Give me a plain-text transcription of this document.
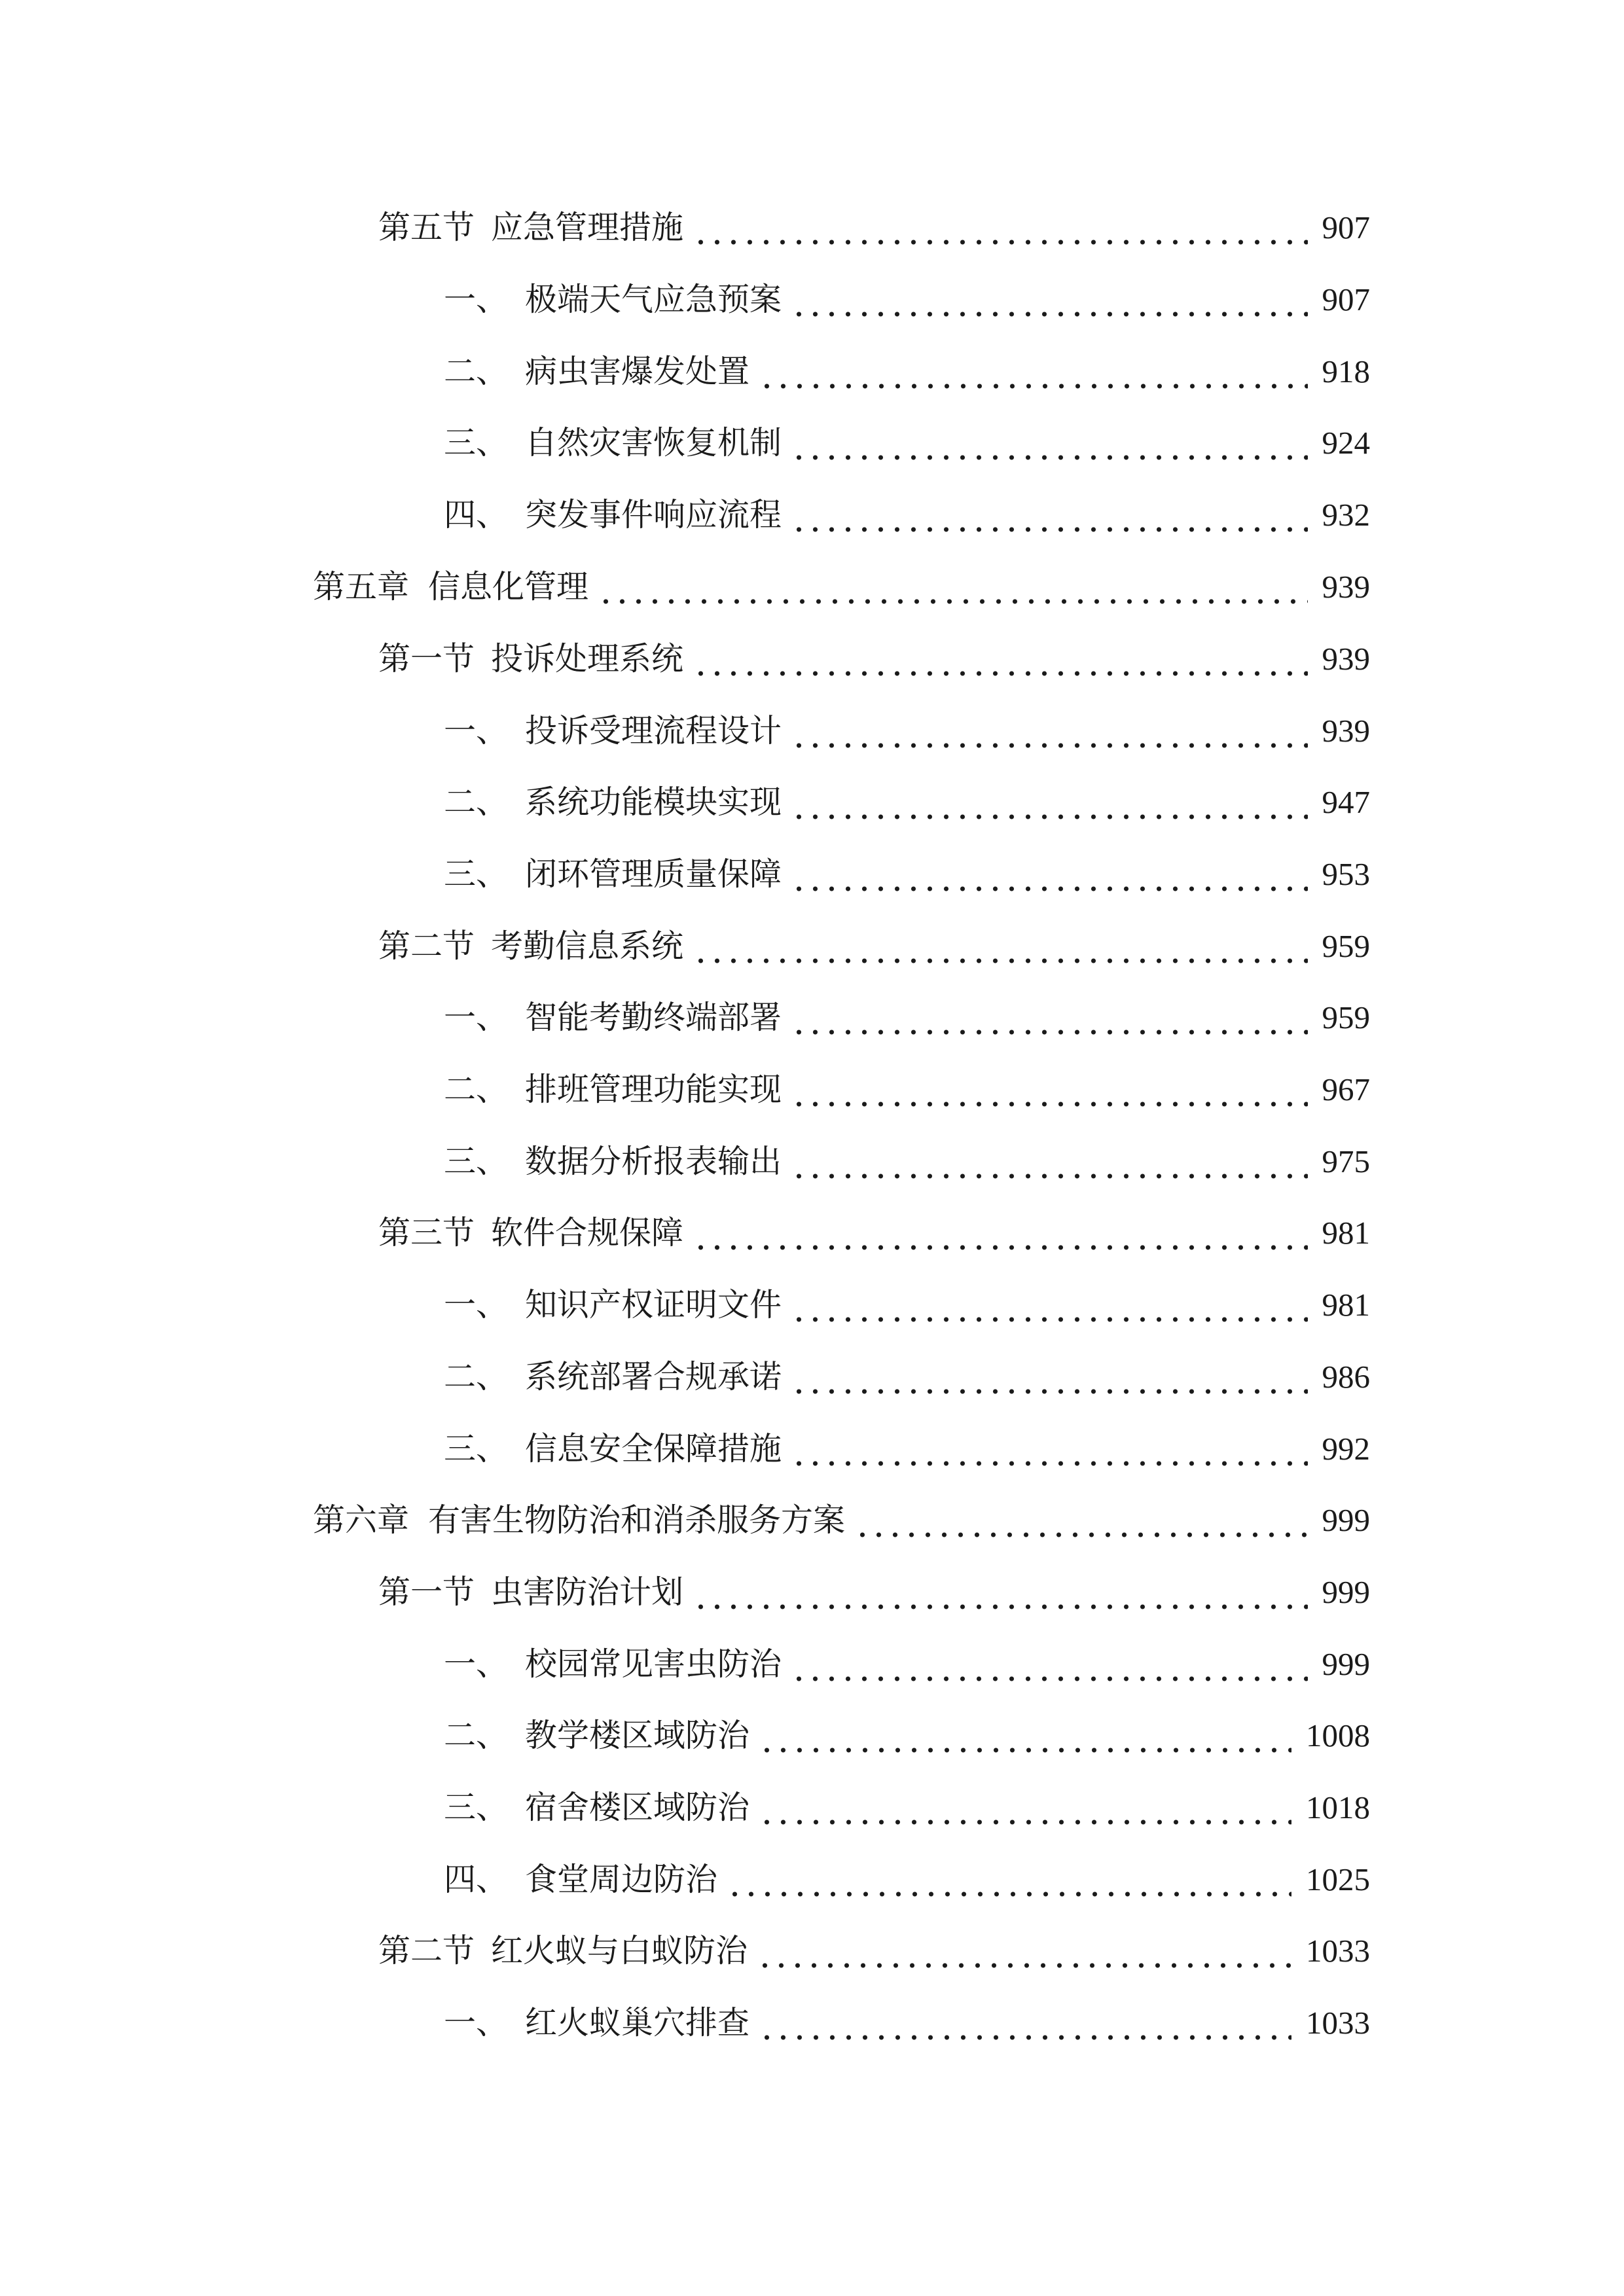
第五节 应急管理措施	907
一、 极端天气应急预案	907
二、 病虫害爆发处置	918
三、 自然灾害恢复机制	924
四、 突发事件响应流程	932
第五章 信息化管理	939
第一节 投诉处理系统	939
一、 投诉受理流程设计	939
二、 系统功能模块实现	947
三、 闭环管理质量保障	953
第二节 考勤信息系统	959
一、 智能考勤终端部署	959
二、 排班管理功能实现	967
三、 数据分析报表输出	975
第三节 软件合规保障	981
一、 知识产权证明文件	981
二、 系统部署合规承诺	986
三、 信息安全保障措施	992
第六章 有害生物防治和消杀服务方案	999
第一节 虫害防治计划	999
一、 校园常见害虫防治	999
二、 教学楼区域防治	1008
三、 宿舍楼区域防治	1018
四、 食堂周边防治	1025
第二节 红火蚁与白蚁防治	1033
一、 红火蚁巢穴排查	1033
